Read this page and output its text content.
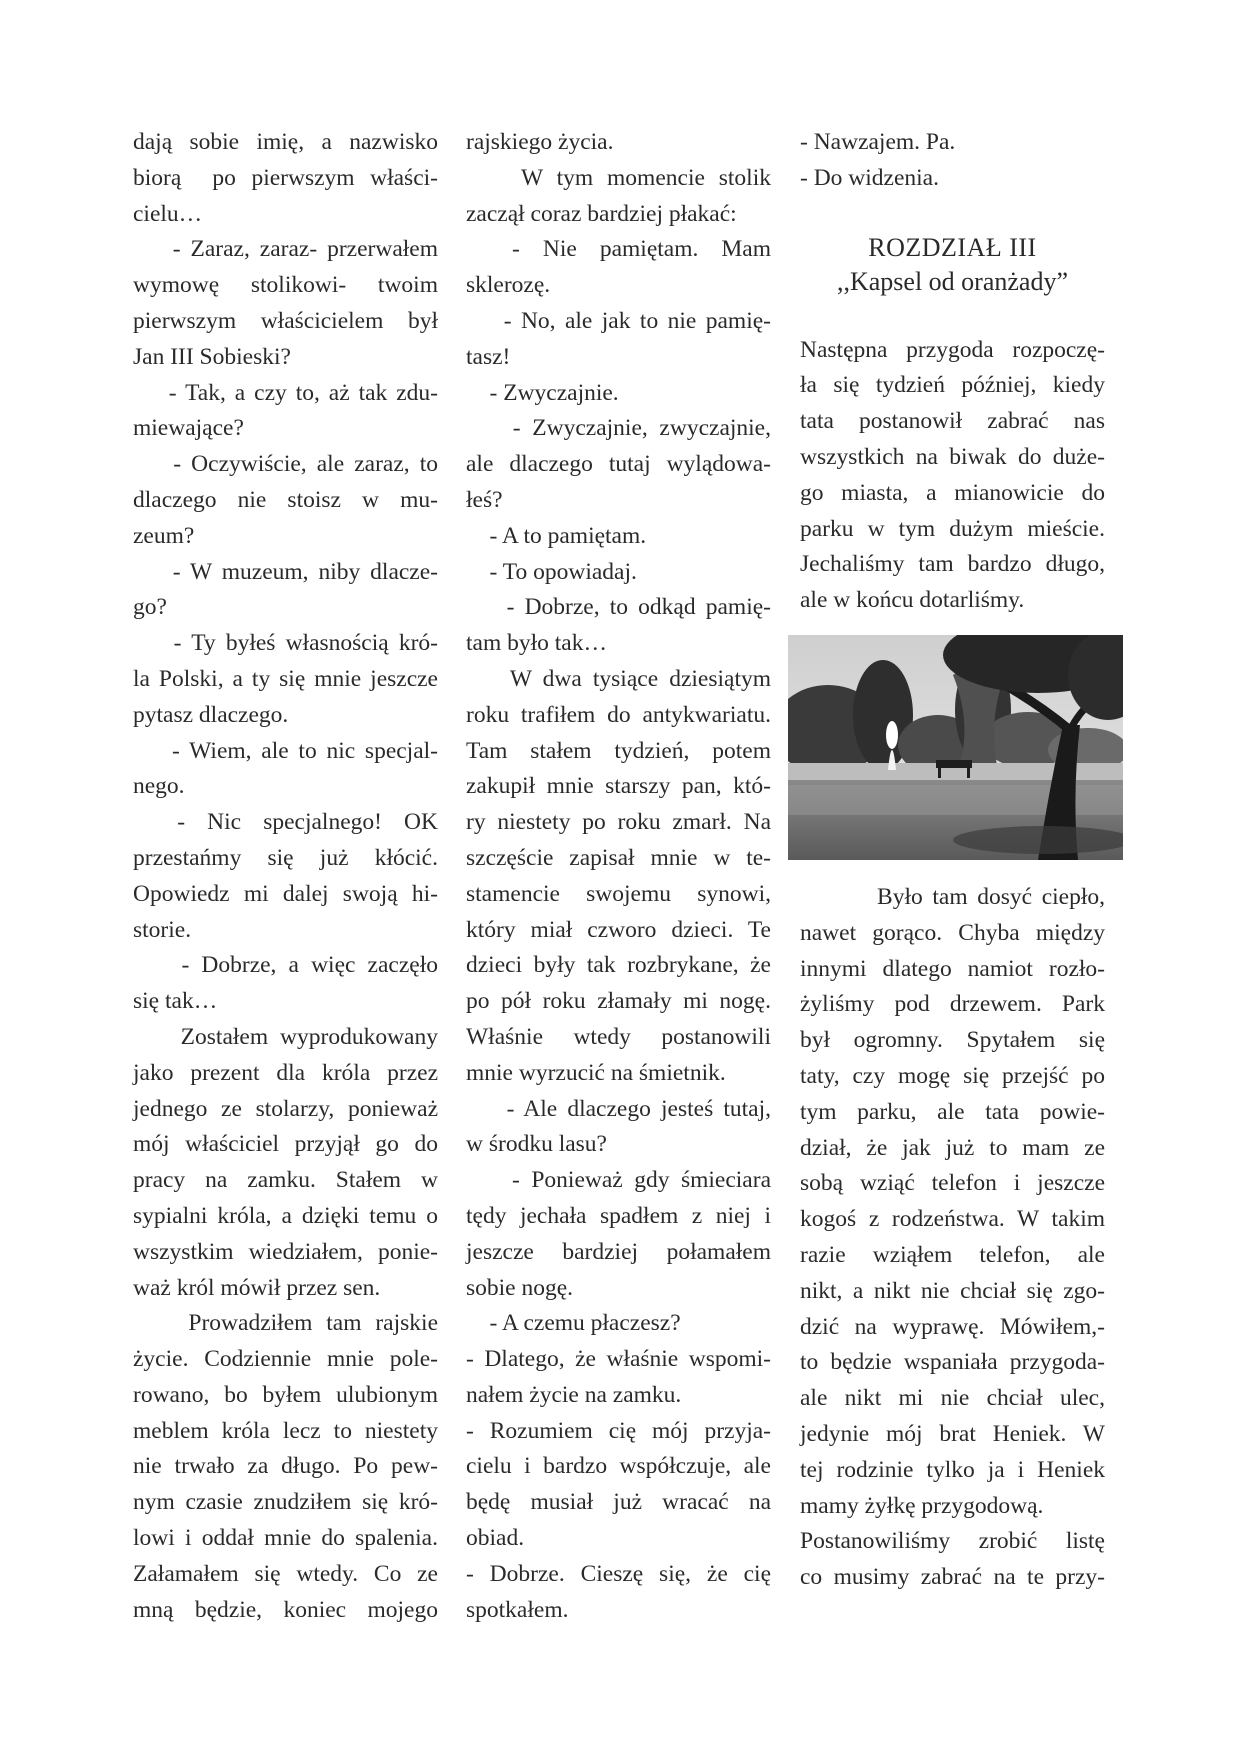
dają sobie imię, a nazwisko
biorą  po pierwszym właści-
cielu…
- Zaraz, zaraz- przerwałem
wymowę  stolikowi-  twoim
pierwszym właścicielem był
Jan III Sobieski?
- Tak, a czy to, aż tak zdu-
miewające?
- Oczywiście, ale zaraz, to
dlaczego nie stoisz w mu-
zeum?
- W muzeum, niby dlacze-
go?
- Ty byłeś własnością kró-
la Polski, a ty się mnie jeszcze
pytasz dlaczego.
- Wiem, ale to nic specjal-
nego.
-  Nic  specjalnego!  OK
przestańmy się już kłócić.
Opowiedz mi dalej swoją hi-
storie.
- Dobrze, a więc zaczęło
się tak…
Zostałem wyprodukowany
jako prezent dla króla przez
jednego ze stolarzy, ponieważ
mój właściciel przyjął go do
pracy na zamku. Stałem w
sypialni króla, a dzięki temu o
wszystkim wiedziałem, ponie-
waż król mówił przez sen.
Prowadziłem tam rajskie
życie. Codziennie mnie pole-
rowano, bo byłem ulubionym
meblem króla lecz to niestety
nie trwało za długo. Po pew-
nym czasie znudziłem się kró-
lowi i oddał mnie do spalenia.
Załamałem się wtedy. Co ze
mną będzie, koniec mojego
rajskiego życia.
W tym momencie stolik
zaczął coraz bardziej płakać:
-  Nie  pamiętam.  Mam
sklerozę.
- No, ale jak to nie pamię-
tasz!
- Zwyczajnie.
- Zwyczajnie, zwyczajnie,
ale dlaczego tutaj wylądowa-
łeś?
- A to pamiętam.
- To opowiadaj.
- Dobrze, to odkąd pamię-
tam było tak…
W dwa tysiące dziesiątym
roku trafiłem do antykwariatu.
Tam stałem tydzień, potem
zakupił mnie starszy pan, któ-
ry niestety po roku zmarł. Na
szczęście zapisał mnie w te-
stamencie swojemu synowi,
który miał czworo dzieci. Te
dzieci były tak rozbrykane, że
po pół roku złamały mi nogę.
Właśnie wtedy postanowili
mnie wyrzucić na śmietnik.
- Ale dlaczego jesteś tutaj,
w środku lasu?
- Ponieważ gdy śmieciara
tędy jechała spadłem z niej i
jeszcze bardziej połamałem
sobie nogę.
- A czemu płaczesz?
- Dlatego, że właśnie wspomi-
nałem życie na zamku.
- Rozumiem cię mój przyja-
cielu i bardzo współczuje, ale
będę musiał już wracać na
obiad.
- Dobrze. Cieszę się, że cię
spotkałem.
- Nawzajem. Pa.
- Do widzenia.
ROZDZIAŁ III
,,Kapsel od oranżady”
Następna przygoda rozpoczę-
ła się tydzień później, kiedy
tata postanowił zabrać nas
wszystkich na biwak do duże-
go miasta, a mianowicie do
parku w tym dużym mieście.
Jechaliśmy tam bardzo długo,
ale w końcu dotarliśmy.
Było tam dosyć ciepło,
nawet gorąco. Chyba między
innymi dlatego namiot rozło-
żyliśmy pod drzewem. Park
był ogromny. Spytałem się
taty, czy mogę się przejść po
tym parku, ale tata powie-
dział, że jak już to mam ze
sobą wziąć telefon i jeszcze
kogoś z rodzeństwa. W takim
razie wziąłem telefon, ale
nikt, a nikt nie chciał się zgo-
dzić na wyprawę. Mówiłem,-
to będzie wspaniała przygoda-
ale nikt mi nie chciał ulec,
jedynie mój brat Heniek. W
tej rodzinie tylko ja i Heniek
mamy żyłkę przygodową.
Postanowiliśmy zrobić listę
co musimy zabrać na te przy-
